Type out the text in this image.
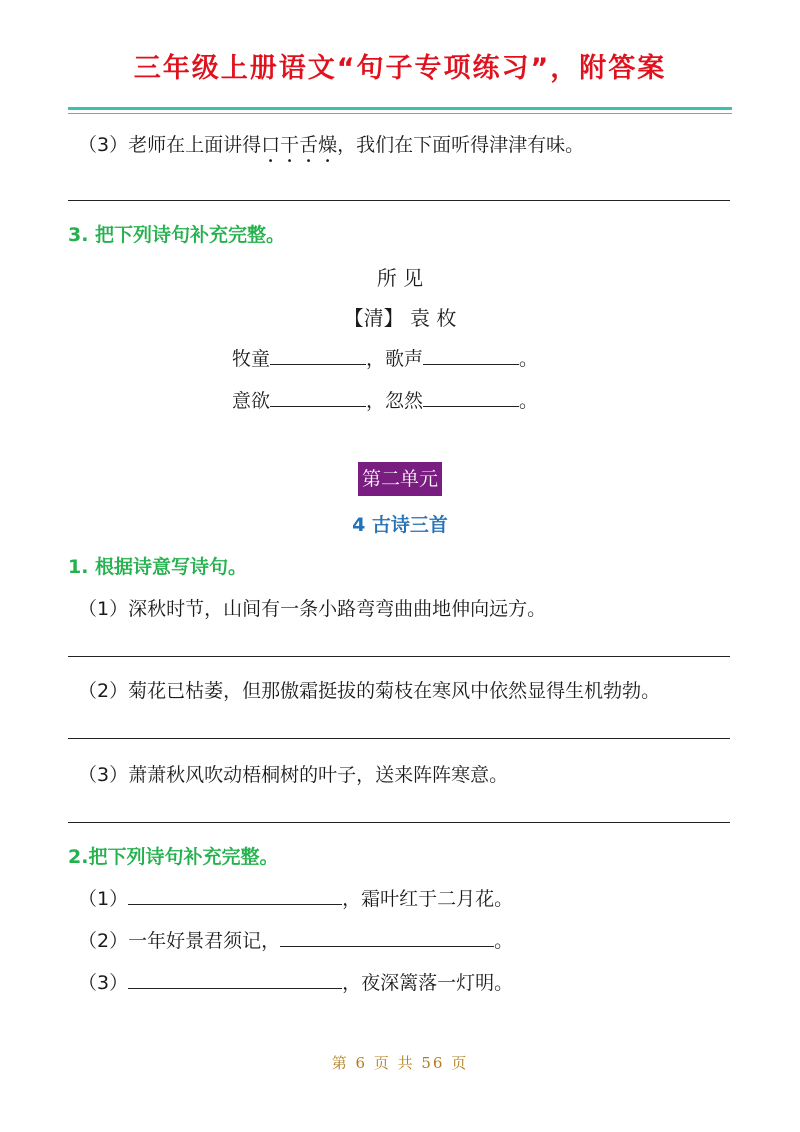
三年级上册语文“句子专项练习”，附答案
（3）老师在上面讲得口干舌燥，我们在下面听得津津有味。
3. 把下列诗句补充完整。
所 见
【清】 袁 枚
牧童	，歌声	。
意欲	，忽然	。
第二单元
4 古诗三首
1. 根据诗意写诗句。
（1）深秋时节，山间有一条小路弯弯曲曲地伸向远方。
（2）菊花已枯萎，但那傲霜挺拔的菊枝在寒风中依然显得生机勃勃。
（3）萧萧秋风吹动梧桐树的叶子，送来阵阵寒意。
2.把下列诗句补充完整。
（1）	，霜叶红于二月花。
（2）一年好景君须记，	。
（3）	，夜深篱落一灯明。
第 6 页 共 56 页
